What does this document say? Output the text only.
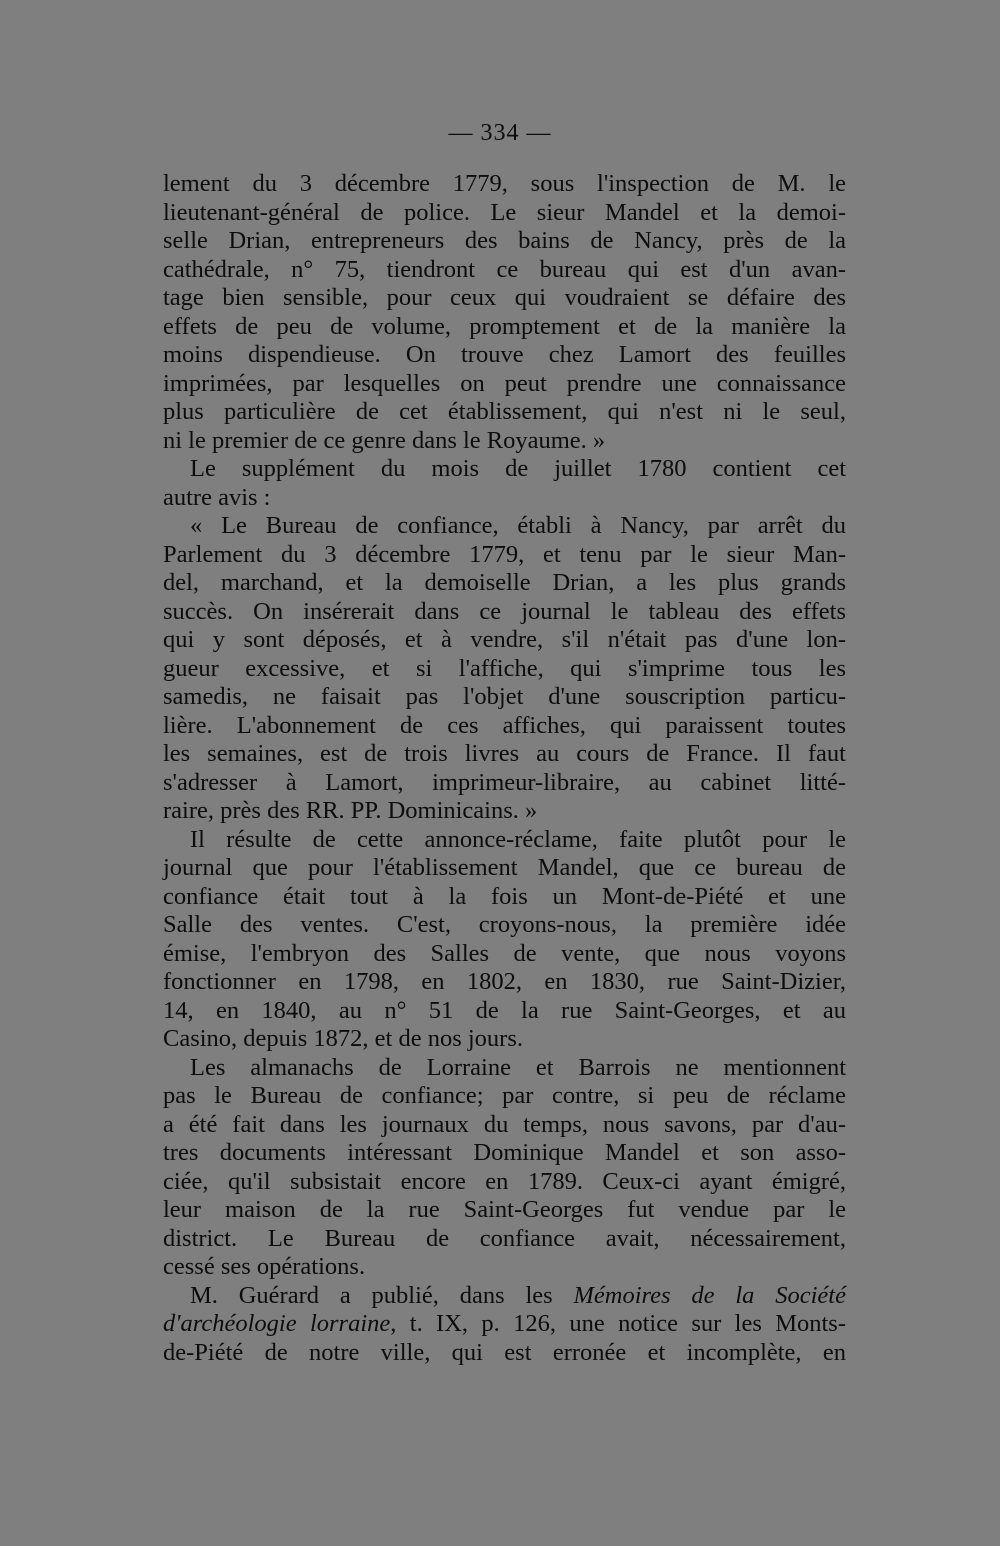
— 334 —
lement du 3 décembre 1779, sous l'inspection de M. le
lieutenant-général de police. Le sieur Mandel et la demoi-
selle Drian, entrepreneurs des bains de Nancy, près de la
cathédrale, n° 75, tiendront ce bureau qui est d'un avan-
tage bien sensible, pour ceux qui voudraient se défaire des
effets de peu de volume, promptement et de la manière la
moins dispendieuse. On trouve chez Lamort des feuilles
imprimées, par lesquelles on peut prendre une connaissance
plus particulière de cet établissement, qui n'est ni le seul,
ni le premier de ce genre dans le Royaume. »
Le supplément du mois de juillet 1780 contient cet
autre avis :
« Le Bureau de confiance, établi à Nancy, par arrêt du
Parlement du 3 décembre 1779, et tenu par le sieur Man-
del, marchand, et la demoiselle Drian, a les plus grands
succès. On insérerait dans ce journal le tableau des effets
qui y sont déposés, et à vendre, s'il n'était pas d'une lon-
gueur excessive, et si l'affiche, qui s'imprime tous les
samedis, ne faisait pas l'objet d'une souscription particu-
lière. L'abonnement de ces affiches, qui paraissent toutes
les semaines, est de trois livres au cours de France. Il faut
s'adresser à Lamort, imprimeur-libraire, au cabinet litté-
raire, près des RR. PP. Dominicains. »
Il résulte de cette annonce-réclame, faite plutôt pour le
journal que pour l'établissement Mandel, que ce bureau de
confiance était tout à la fois un Mont-de-Piété et une
Salle des ventes. C'est, croyons-nous, la première idée
émise, l'embryon des Salles de vente, que nous voyons
fonctionner en 1798, en 1802, en 1830, rue Saint-Dizier,
14, en 1840, au n° 51 de la rue Saint-Georges, et au
Casino, depuis 1872, et de nos jours.
Les almanachs de Lorraine et Barrois ne mentionnent
pas le Bureau de confiance; par contre, si peu de réclame
a été fait dans les journaux du temps, nous savons, par d'au-
tres documents intéressant Dominique Mandel et son asso-
ciée, qu'il subsistait encore en 1789. Ceux-ci ayant émigré,
leur maison de la rue Saint-Georges fut vendue par le
district. Le Bureau de confiance avait, nécessairement,
cessé ses opérations.
M. Guérard a publié, dans les Mémoires de la Société
d'archéologie lorraine, t. IX, p. 126, une notice sur les Monts-
de-Piété de notre ville, qui est erronée et incomplète, en
